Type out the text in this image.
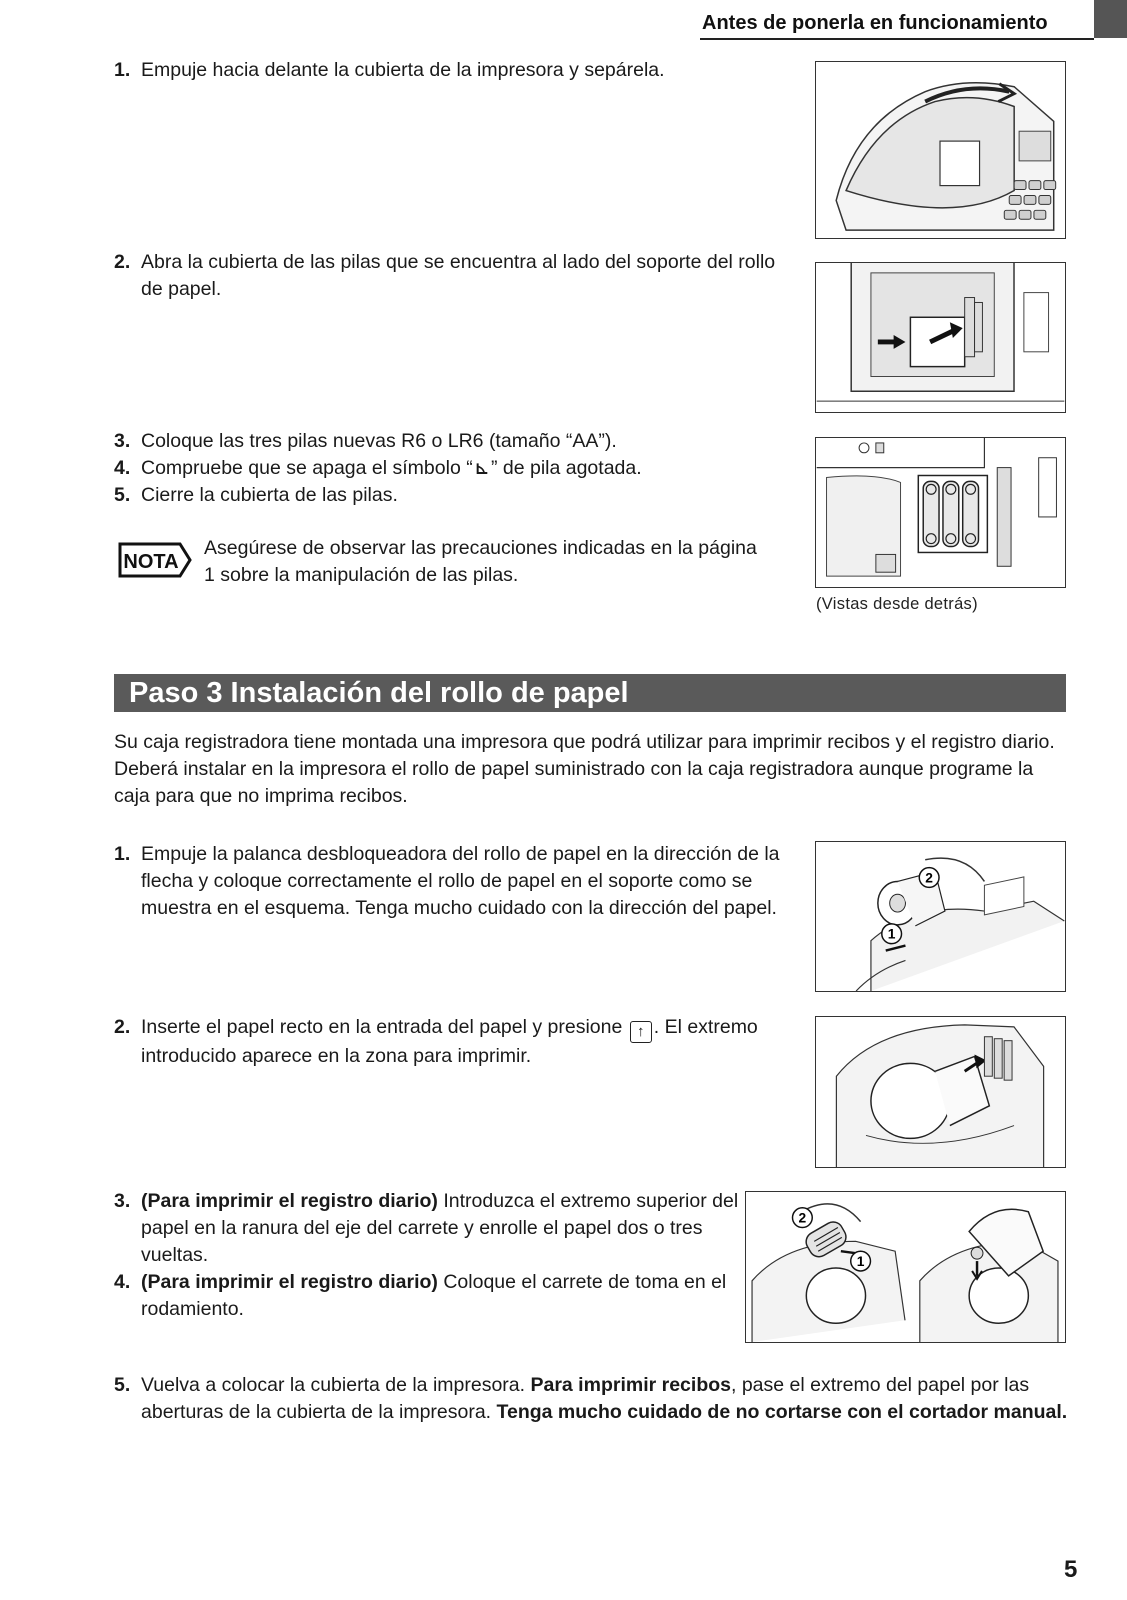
Antes de ponerla en funcionamiento
1. Empuje hacia delante la cubierta de la impresora y sepárela.
2. Abra la cubierta de las pilas que se encuentra al lado del soporte del rollo de papel.
3. Coloque las tres pilas nuevas R6 o LR6 (tamaño “AA”).
4. Compruebe que se apaga el símbolo “ ⊾ ” de pila agotada.
5. Cierre la cubierta de las pilas.
NOTA
Asegúrese de observar las precauciones indicadas en la página 1 sobre la manipulación de las pilas.
(Vistas desde detrás)
Paso 3 Instalación del rollo de papel
Su caja registradora tiene montada una impresora que podrá utilizar para imprimir recibos y el registro diario. Deberá instalar en la impresora el rollo de papel suministrado con la caja registradora aunque programe la caja para que no imprima recibos.
1. Empuje la palanca desbloqueadora del rollo de papel en la dirección de la flecha y coloque correctamente el rollo de papel en el soporte como se muestra en el esquema. Tenga mucho cuidado con la dirección del papel.
2
1
2. Inserte el papel recto en la entrada del papel y presione ↑ . El extremo introducido aparece en la zona para imprimir.
3. (Para imprimir el registro diario) Introduzca el extremo superior del papel en la ranura del eje del carrete y enrolle el papel dos o tres vueltas.
4. (Para imprimir el registro diario) Coloque el carrete de toma en el rodamiento.
2
1
5. Vuelva a colocar la cubierta de la impresora. Para imprimir recibos, pase el extremo del papel por las aberturas de la cubierta de la impresora. Tenga mucho cuidado de no cortarse con el cortador manual.
5
